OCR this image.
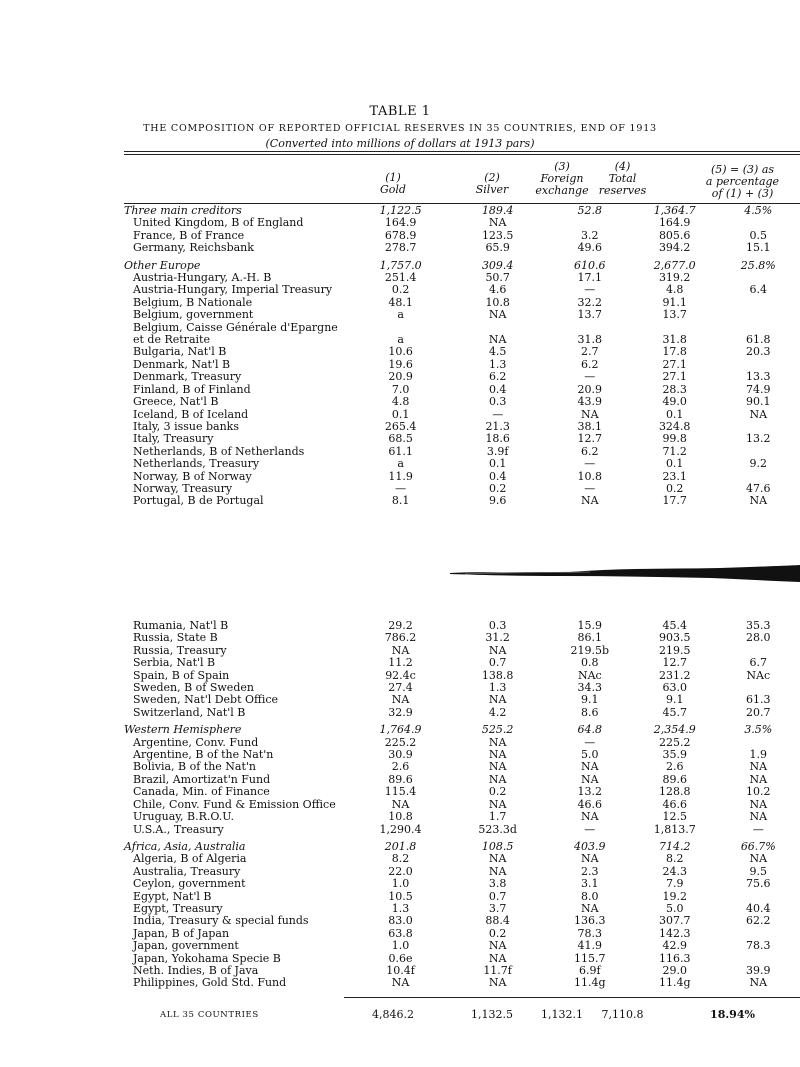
TABLE 1
THE COMPOSITION OF REPORTED OFFICIAL RESERVES IN 35 COUNTRIES, END OF 1913
(Converted into millions of dollars at 1913 pars)
(1)
Gold
(2)
Silver
(3)
Foreign
exchange
(4)
Total
reserves
(5) = (3) as
a percentage
of (1) + (3)
Three main creditors	1,122.5	189.4	52.8	1,364.7	4.5%
United Kingdom, B of England	164.9	NA		164.9	
France, B of France	678.9	123.5	3.2	805.6	0.5
Germany, Reichsbank	278.7	65.9	49.6	394.2	15.1

Other Europe	1,757.0	309.4	610.6	2,677.0	25.8%
Austria-Hungary, A.-H. B	251.4	50.7	17.1	319.2	
Austria-Hungary, Imperial Treasury	0.2	4.6	—	4.8	6.4
Belgium, B Nationale	48.1	10.8	32.2	91.1	
Belgium, government	a	NA	13.7	13.7	
Belgium, Caisse Générale d'Epargne					
et de Retraite	a	NA	31.8	31.8	61.8
Bulgaria, Nat'l B	10.6	4.5	2.7	17.8	20.3
Denmark, Nat'l B	19.6	1.3	6.2	27.1	
Denmark, Treasury	20.9	6.2	—	27.1	13.3
Finland, B of Finland	7.0	0.4	20.9	28.3	74.9
Greece, Nat'l B	4.8	0.3	43.9	49.0	90.1
Iceland, B of Iceland	0.1	—	NA	0.1	NA
Italy, 3 issue banks	265.4	21.3	38.1	324.8	
Italy, Treasury	68.5	18.6	12.7	99.8	13.2
Netherlands, B of Netherlands	61.1	3.9f	6.2	71.2	
Netherlands, Treasury	a	0.1	—	0.1	9.2
Norway, B of Norway	11.9	0.4	10.8	23.1	
Norway, Treasury	—	0.2	—	0.2	47.6
Portugal, B de Portugal	8.1	9.6	NA	17.7	NA
Rumania, Nat'l B	29.2	0.3	15.9	45.4	35.3
Russia, State B	786.2	31.2	86.1	903.5	28.0
Russia, Treasury	NA	NA	219.5b	219.5	
Serbia, Nat'l B	11.2	0.7	0.8	12.7	6.7
Spain, B of Spain	92.4c	138.8	NAc	231.2	NAc
Sweden, B of Sweden	27.4	1.3	34.3	63.0	
Sweden, Nat'l Debt Office	NA	NA	9.1	9.1	61.3
Switzerland, Nat'l B	32.9	4.2	8.6	45.7	20.7

Western Hemisphere	1,764.9	525.2	64.8	2,354.9	3.5%
Argentine, Conv. Fund	225.2	NA	—	225.2	
Argentine, B of the Nat'n	30.9	NA	5.0	35.9	1.9
Bolivia, B of the Nat'n	2.6	NA	NA	2.6	NA
Brazil, Amortizat'n Fund	89.6	NA	NA	89.6	NA
Canada, Min. of Finance	115.4	0.2	13.2	128.8	10.2
Chile, Conv. Fund & Emission Office	NA	NA	46.6	46.6	NA
Uruguay, B.R.O.U.	10.8	1.7	NA	12.5	NA
U.S.A., Treasury	1,290.4	523.3d	—	1,813.7	—

Africa, Asia, Australia	201.8	108.5	403.9	714.2	66.7%
Algeria, B of Algeria	8.2	NA	NA	8.2	NA
Australia, Treasury	22.0	NA	2.3	24.3	9.5
Ceylon, government	1.0	3.8	3.1	7.9	75.6
Egypt, Nat'l B	10.5	0.7	8.0	19.2	
Egypt, Treasury	1.3	3.7	NA	5.0	40.4
India, Treasury & special funds	83.0	88.4	136.3	307.7	62.2
Japan, B of Japan	63.8	0.2	78.3	142.3	
Japan, government	1.0	NA	41.9	42.9	78.3
Japan, Yokohama Specie B	0.6e	NA	115.7	116.3	
Neth. Indies, B of Java	10.4f	11.7f	6.9f	29.0	39.9
Philippines, Gold Std. Fund	NA	NA	11.4g	11.4g	NA
ALL 35 COUNTRIES	4,846.2	1,132.5	1,132.1	7,110.8	18.94%
